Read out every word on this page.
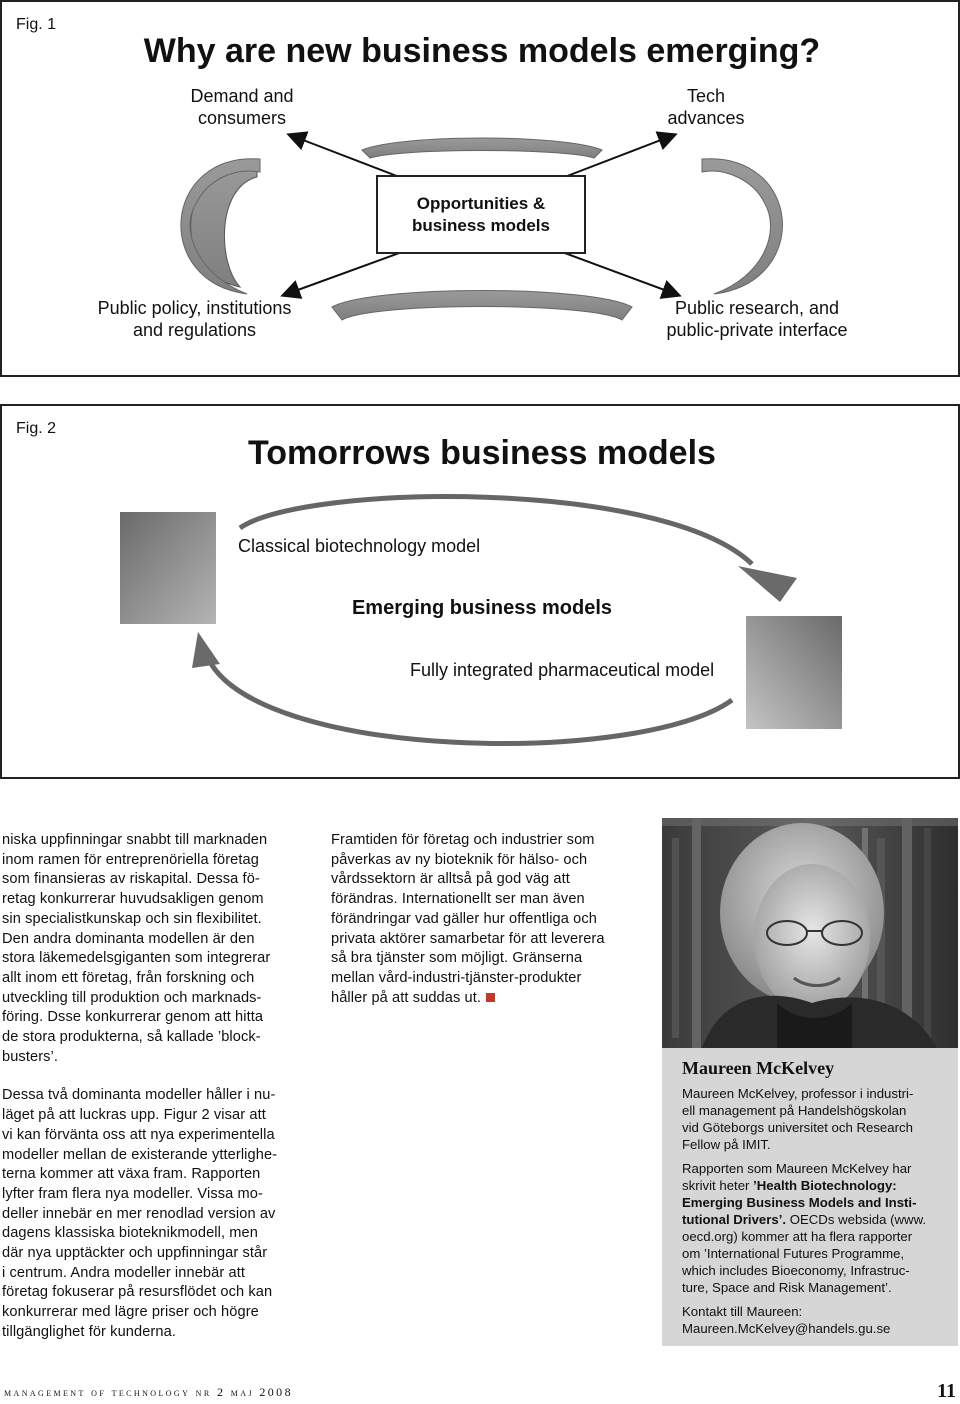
Fig. 1
Why are new business models emerging?
Demand and
consumers
Tech
advances
Opportunities &
business models
Public policy, institutions
and regulations
Public research, and
public-private interface
Fig. 2
Tomorrows business models
Classical biotechnology model
Emerging business models
Fully integrated pharmaceutical model

niska uppfinningar snabbt till marknaden
inom ramen för entreprenöriella företag
som finansieras av riskapital. Dessa fö-
retag konkurrerar huvudsakligen genom
sin specialistkunskap och sin flexibilitet.
Den andra dominanta modellen är den
stora läkemedelsgiganten som integrerar
allt inom ett företag, från forskning och
utveckling till produktion och marknads-
föring. Dsse konkurrerar genom att hitta
de stora produkterna, så kallade ’block-
busters’.

Dessa två dominanta modeller håller i nu-
läget på att luckras upp. Figur 2 visar att
vi kan förvänta oss att nya experimentella
modeller mellan de existerande ytterlighe-
terna kommer att växa fram. Rapporten
lyfter fram flera nya modeller. Vissa mo-
deller innebär en mer renodlad version av
dagens klassiska bioteknikmodell, men
där nya upptäckter och uppfinningar står
i centrum. Andra modeller innebär att
företag fokuserar på resursflödet och kan
konkurrerar med lägre priser och högre
tillgänglighet för kunderna.

Framtiden för företag och industrier som
påverkas av ny bioteknik för hälso- och
vårdssektorn är alltså på god väg att
förändras. Internationellt ser man även
förändringar vad gäller hur offentliga och
privata aktörer samarbetar för att leverera
så bra tjänster som möjligt. Gränserna
mellan vård-industri-tjänster-produkter
håller på att suddas ut.

Maureen McKelvey

Maureen McKelvey, professor i industri-
ell management på Handelshögskolan
vid Göteborgs universitet och Research
Fellow på IMIT.

Rapporten som Maureen McKelvey har
skrivit heter ’Health Biotechnology:
Emerging Business Models and Insti-
tutional Drivers’. OECDs websida (www.
oecd.org) kommer att ha flera rapporter
om ’International Futures Programme,
which includes Bioeconomy, Infrastruc-
ture, Space and Risk Management’.

Kontakt till Maureen:
Maureen.McKelvey@handels.gu.se

management of technology nr 2 maj 2008	11
